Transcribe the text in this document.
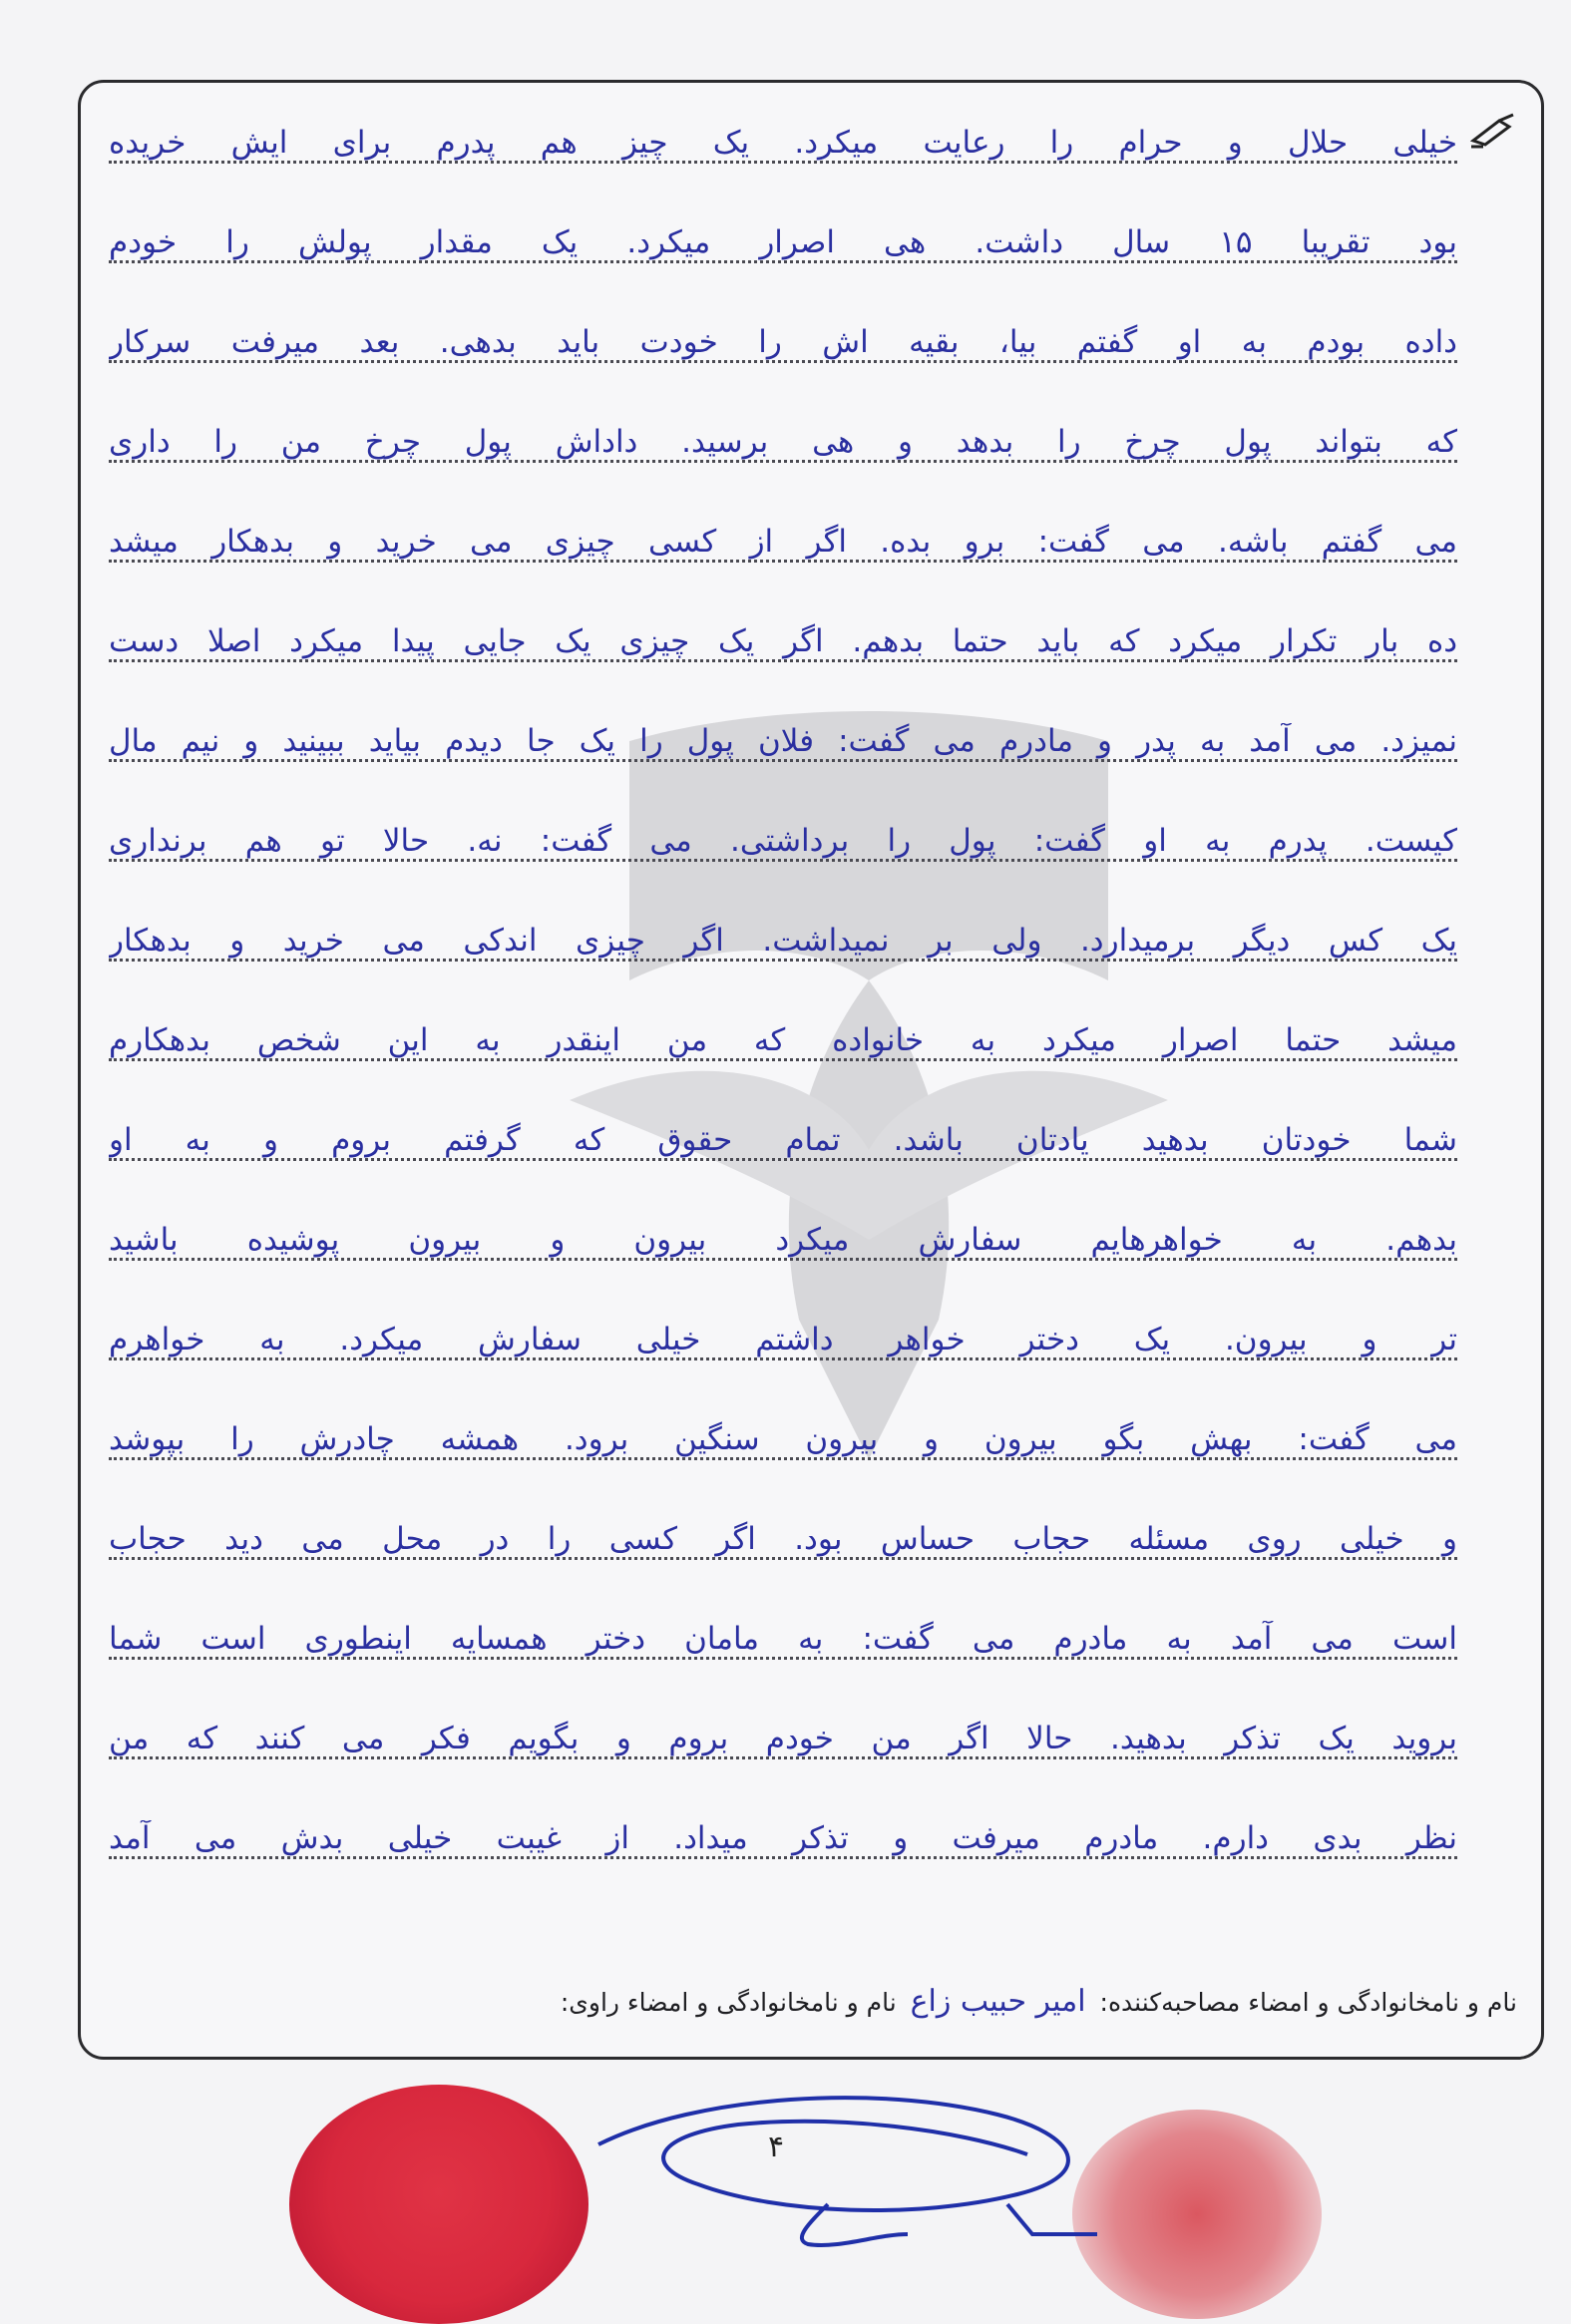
خیلی حلال و حرام را رعایت میکرد. یک چیز هم پدرم برای ایش خریده
بود تقریبا ۱۵ سال داشت. هی اصرار میکرد. یک مقدار پولش را خودم
داده بودم به او گفتم بیا، بقیه اش را خودت باید بدهی. بعد میرفت سرکار
که بتواند پول چرخ را بدهد و هی برسید. داداش پول چرخ من را داری
می گفتم باشه. می گفت: برو بده. اگر از کسی چیزی می خرید و بدهکار میشد
ده بار تکرار میکرد که باید حتما بدهم. اگر یک چیزی یک جایی پیدا میکرد اصلا دست
نمیزد. می آمد به پدر و مادرم می گفت: فلان پول را یک جا دیدم بیاید ببینید و نیم مال
کیست. پدرم به او گفت: پول را برداشتی. می گفت: نه. حالا تو هم برنداری
یک کس دیگر برمیدارد. ولی بر نمیداشت. اگر چیزی اندکی می خرید و بدهکار
میشد حتما اصرار میکرد به خانواده که من اینقدر به این شخص بدهکارم
شما خودتان بدهید یادتان باشد. تمام حقوق که گرفتم بروم و به او
بدهم. به خواهرهایم سفارش میکرد بیرون و بیرون پوشیده باشید
تر و بیرون. یک دختر خواهر داشتم خیلی سفارش میکرد. به خواهرم
می گفت: بهش بگو بیرون و بیرون سنگین برود. همشه چادرش را بپوشد
و خیلی روی مسئله حجاب حساس بود. اگر کسی را در محل می دید حجاب
است می آمد به مادرم می گفت: به مامان دختر همسایه اینطوری است شما
بروید یک تذکر بدهید. حالا اگر من خودم بروم و بگویم فکر می کنند که من
نظر بدی دارم. مادرم میرفت و تذکر میداد. از غیبت خیلی بدش می آمد
نام و نامخانوادگی و امضاء مصاحبه‌کننده: امیر حبیب زاع نام و نامخانوادگی و امضاء راوی:
۴
